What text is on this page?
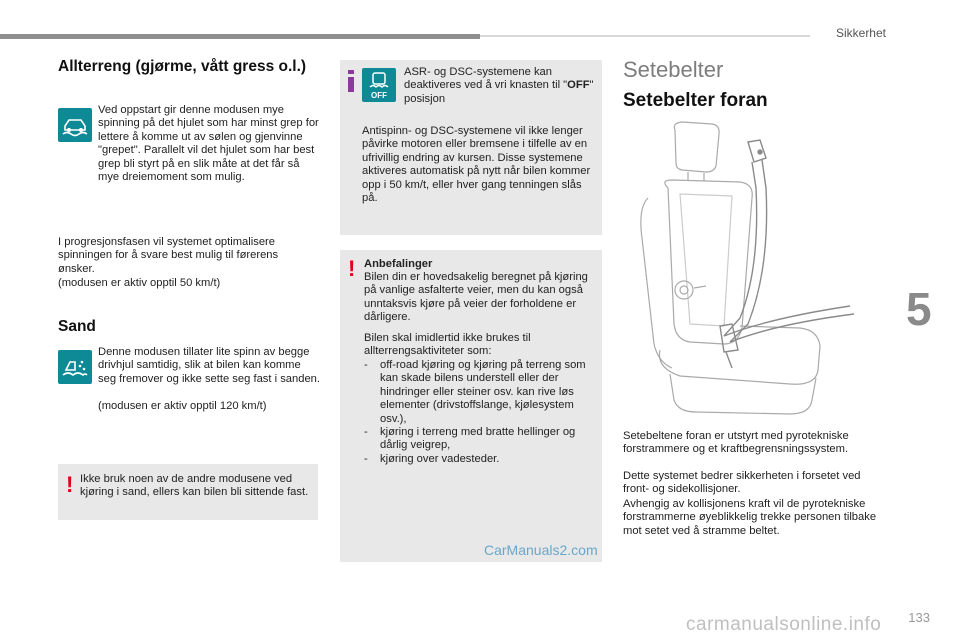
Sikkerhet
5
Allterreng (gjørme, vått gress o.l.)

Ved oppstart gir denne modusen mye spinning på det hjulet som har minst grep for lettere å komme ut av sølen og gjenvinne "grepet". Parallelt vil det hjulet som har best grep bli styrt på en slik måte at det får så mye dreiemoment som mulig.

I progresjonsfasen vil systemet optimalisere spinningen for å svare best mulig til førerens ønsker.

(modusen er aktiv opptil 50 km/t)

Sand

Denne modusen tillater lite spinn av begge drivhjul samtidig, slik at bilen kan komme seg fremover og ikke sette seg fast i sanden.

(modusen er aktiv opptil 120 km/t)

! Ikke bruk noen av de andre modusene ved kjøring i sand, ellers kan bilen bli sittende fast.

OFF

ASR- og DSC-systemene kan deaktiveres ved å vri knasten til "OFF" posisjon

Antispinn- og DSC-systemene vil ikke lenger påvirke motoren eller bremsene i tilfelle av en ufrivillig endring av kursen. Disse systemene aktiveres automatisk på nytt når bilen kommer opp i 50 km/t, eller hver gang tenningen slås på.

! Anbefalinger

Bilen din er hovedsakelig beregnet på kjøring på vanlige asfalterte veier, men du kan også unntaksvis kjøre på veier der forholdene er dårligere.

Bilen skal imidlertid ikke brukes til allterrengsaktiviteter som:

- off-road kjøring og kjøring på terreng som kan skade bilens understell eller der hindringer eller steiner osv. kan rive løs elementer (drivstoffslange, kjølesystem osv.),

- kjøring i terreng med bratte hellinger og dårlig veigrep,

- kjøring over vadesteder.

CarManuals2.com
Setebelter
Setebelter foran

Setebeltene foran er utstyrt med pyrotekniske forstrammere og et kraftbegrensningssystem.

Dette systemet bedrer sikkerheten i forsetet ved front- og sidekollisjoner.

Avhengig av kollisjonens kraft vil de pyrotekniske forstrammerne øyeblikkelig trekke personen tilbake mot setet ved å stramme beltet.

133
carmanualsonline.info
